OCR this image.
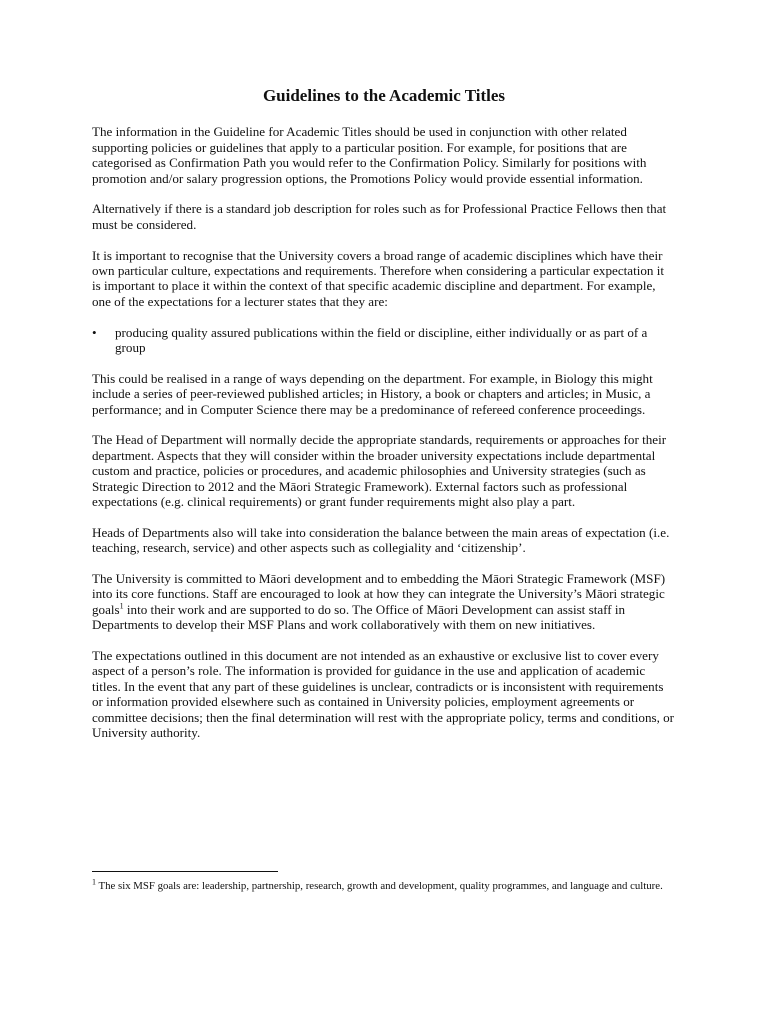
Guidelines to the Academic Titles

The information in the Guideline for Academic Titles should be used in conjunction with other related supporting policies or guidelines that apply to a particular position. For example, for positions that are categorised as Confirmation Path you would refer to the Confirmation Policy. Similarly for positions with promotion and/or salary progression options, the Promotions Policy would provide essential information.

Alternatively if there is a standard job description for roles such as for Professional Practice Fellows then that must be considered.

It is important to recognise that the University covers a broad range of academic disciplines which have their own particular culture, expectations and requirements. Therefore when considering a particular expectation it is important to place it within the context of that specific academic discipline and department. For example, one of the expectations for a lecturer states that they are:

• producing quality assured publications within the field or discipline, either individually or as part of a group

This could be realised in a range of ways depending on the department. For example, in Biology this might include a series of peer-reviewed published articles; in History, a book or chapters and articles; in Music, a performance; and in Computer Science there may be a predominance of refereed conference proceedings.

The Head of Department will normally decide the appropriate standards, requirements or approaches for their department. Aspects that they will consider within the broader university expectations include departmental custom and practice, policies or procedures, and academic philosophies and University strategies (such as Strategic Direction to 2012 and the Māori Strategic Framework). External factors such as professional expectations (e.g. clinical requirements) or grant funder requirements might also play a part.

Heads of Departments also will take into consideration the balance between the main areas of expectation (i.e. teaching, research, service) and other aspects such as collegiality and ‘citizenship’.

The University is committed to Māori development and to embedding the Māori Strategic Framework (MSF) into its core functions. Staff are encouraged to look at how they can integrate the University’s Māori strategic goals$^1$ into their work and are supported to do so. The Office of Māori Development can assist staff in Departments to develop their MSF Plans and work collaboratively with them on new initiatives.

The expectations outlined in this document are not intended as an exhaustive or exclusive list to cover every aspect of a person’s role. The information is provided for guidance in the use and application of academic titles. In the event that any part of these guidelines is unclear, contradicts or is inconsistent with requirements or information provided elsewhere such as contained in University policies, employment agreements or committee decisions; then the final determination will rest with the appropriate policy, terms and conditions, or University authority.

$^1$ The six MSF goals are: leadership, partnership, research, growth and development, quality programmes, and language and culture.
